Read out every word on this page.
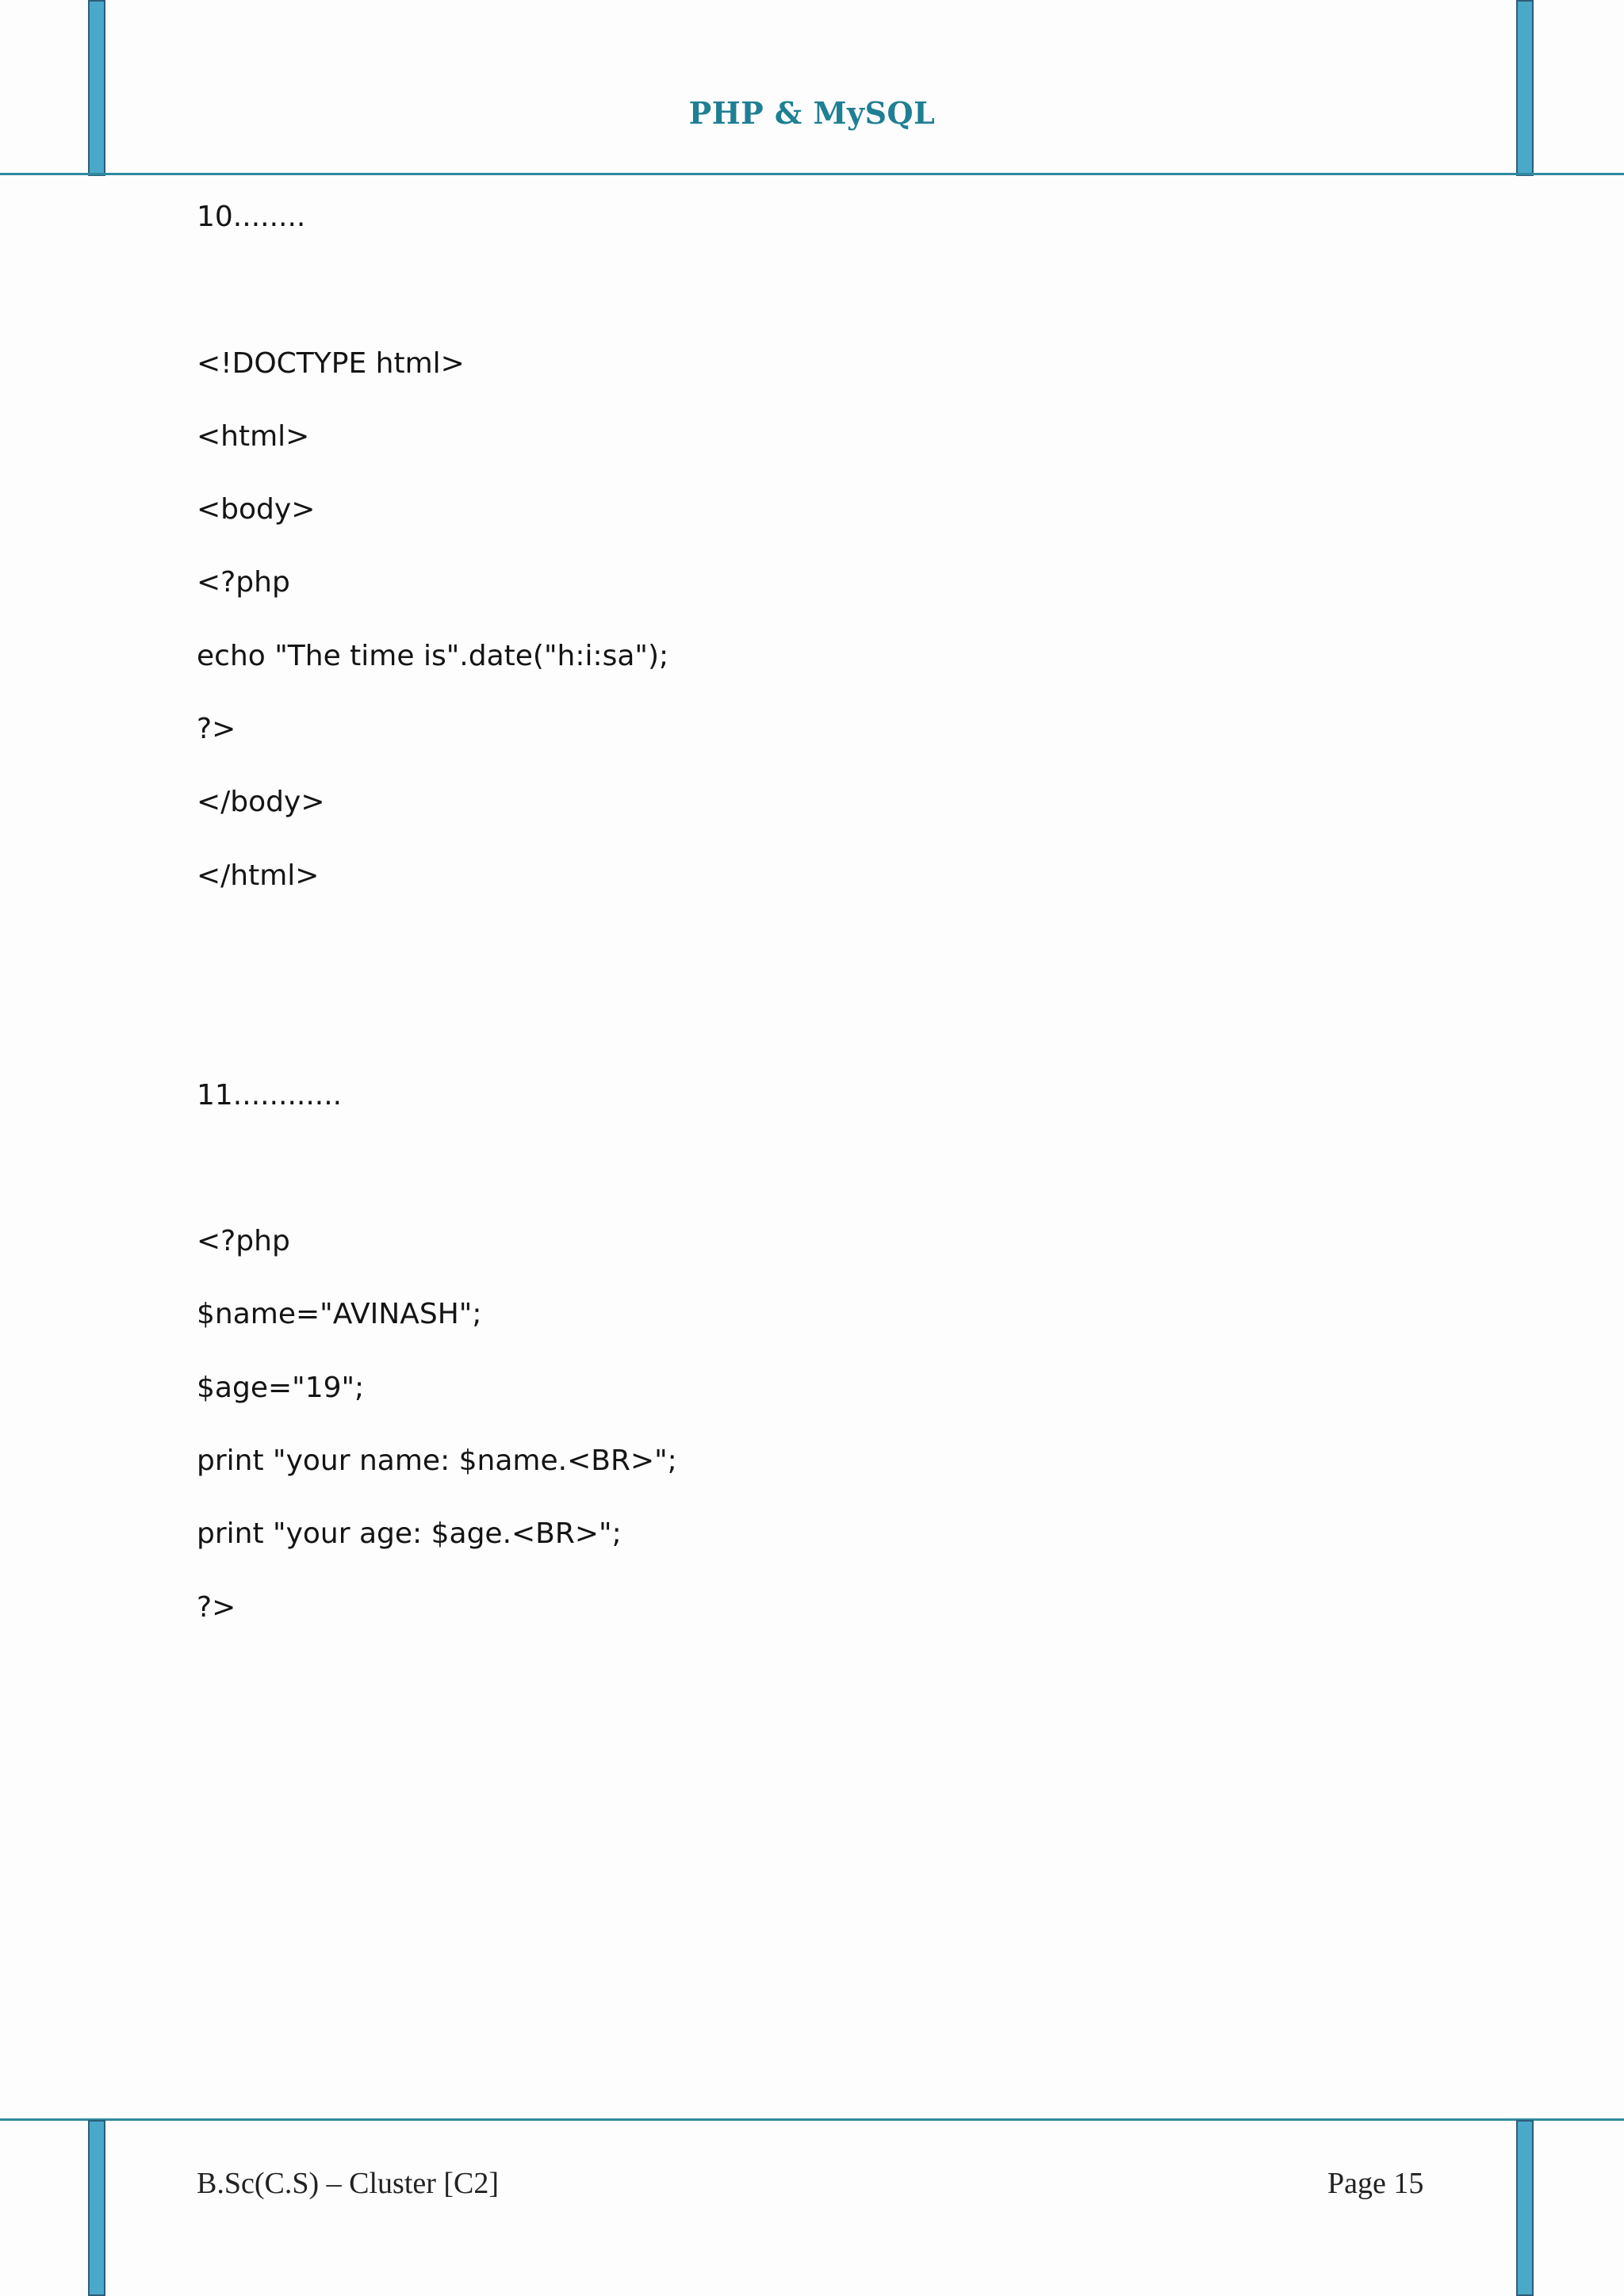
PHP & MySQL
10........
<!DOCTYPE html>
<html>
<body>
<?php
echo "The time is".date("h:i:sa");
?>
</body>
</html>
11............
<?php
$name="AVINASH";
$age="19";
print "your name: $name.<BR>";
print "your age: $age.<BR>";
?>
B.Sc(C.S) – Cluster [C2]	Page 15
